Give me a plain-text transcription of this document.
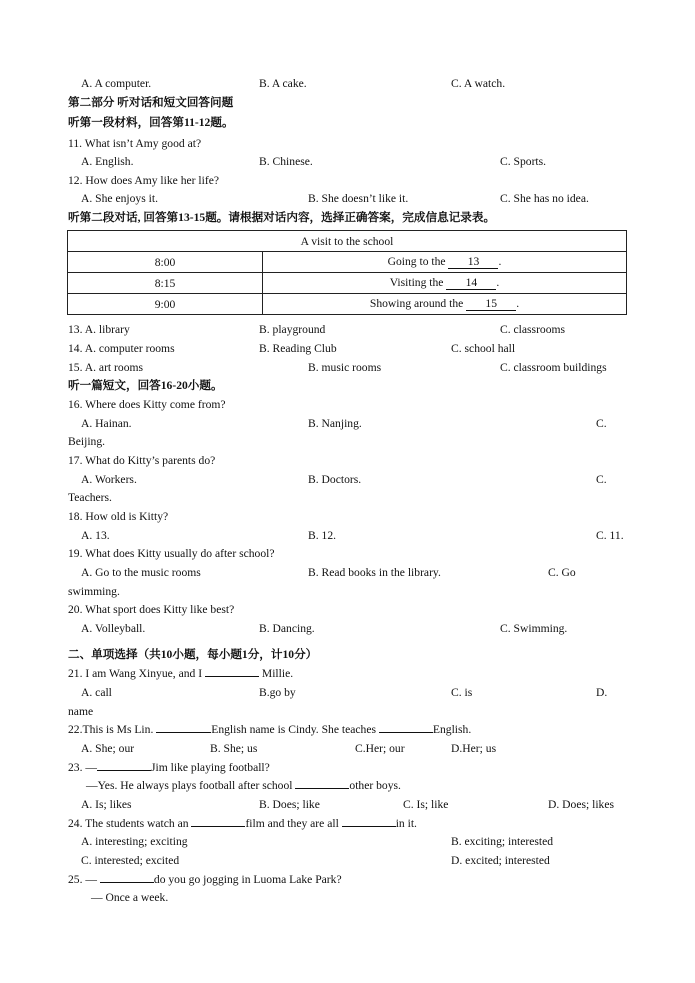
A. A computer.	B. A cake.	C. A watch.
第二部分 听对话和短文回答问题
听第一段材料，回答第11-12题。
11. What isn’t Amy good at?
A. English.	B. Chinese.	C. Sports.
12. How does Amy like her life?
A. She enjoys it.	B. She doesn’t like it.	C. She has no idea.
听第二段对话, 回答第13-15题。请根据对话内容，选择正确答案，完成信息记录表。
A visit to the school	
8:00	Going to the 13 .
8:15	Visiting the 14 .
9:00	Showing around the 15 .
13. A. library	B. playground	C. classrooms
14. A. computer rooms	B. Reading Club	C. school hall
15. A. art rooms	B. music rooms	C. classroom buildings
听一篇短文，回答16-20小题。
16. Where does Kitty come from?
A. Hainan.	B. Nanjing.	C.
Beijing.
17. What do Kitty’s parents do?
A. Workers.	B. Doctors.	C.
Teachers.
18. How old is Kitty?
A. 13.	B. 12.	C. 11.
19. What does Kitty usually do after school?
A. Go to the music rooms	B. Read books in the library.	C. Go
swimming.
20. What sport does Kitty like best?
A. Volleyball.	B. Dancing.	C. Swimming.
二、单项选择（共10小题，每小题1分，计10分）
21. I am Wang Xinyue, and I	Millie.
A. call	B.go by	C. is	D.
name
22.This is Ms Lin.	English name is Cindy. She teaches	English.
A. She; our	B. She; us	C.Her; our	D.Her; us
23. —	Jim like playing football?
—Yes. He always plays football after school	other boys.
A. Is; likes	B. Does; like	C. Is; like	D. Does; likes
24. The students watch an	film and they are all	in it.
A. interesting; exciting	B. exciting; interested
C. interested; excited	D. excited; interested
25. —	do you go jogging in Luoma Lake Park?
— Once a week.
